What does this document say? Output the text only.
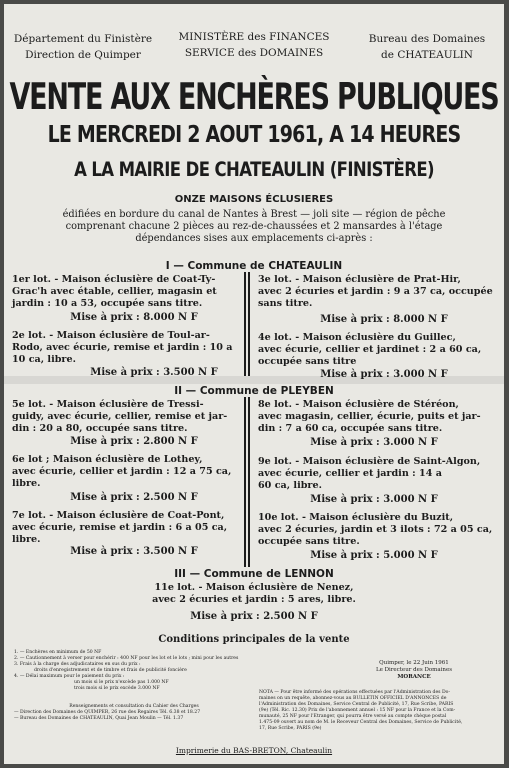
Département du Finistère
Direction de Quimper
MINISTÈRE des FINANCES
SERVICE des DOMAINES
Bureau des Domaines
de CHATEAULIN
VENTE AUX ENCHÈRES PUBLIQUES
LE MERCREDI 2 AOUT 1961, A 14 HEURES
A LA MAIRIE DE CHATEAULIN (FINISTÈRE)
ONZE MAISONS ÉCLUSIERES
édifiées en bordure du canal de Nantes à Brest — joli site — région de pêche
comprenant chacune 2 pièces au rez-de-chaussées et 2 mansardes à l'étage
dépendances sises aux emplacements ci-après :
I — Commune de CHATEAULIN
1er lot. - Maison éclusière de Coat-Ty-
Grac'h avec étable, cellier, magasin et
jardin : 10 a 53, occupée sans titre.
Mise à prix : 8.000 N F
2e lot. - Maison éclusière de Toul-ar-
Rodo, avec écurie, remise et jardin : 10 a
10 ca, libre.
Mise à prix : 3.500 N F
3e lot. - Maison éclusière de Prat-Hir,
avec 2 écuries et jardin : 9 a 37 ca, occupée
sans titre.
Mise à prix : 8.000 N F
4e lot. - Maison éclusière du Guillec,
avec écurie, cellier et jardinet : 2 a 60 ca,
occupée sans titre
Mise à prix : 3.000 N F
II — Commune de PLEYBEN
5e lot. - Maison éclusière de Tressi-
guidy, avec écurie, cellier, remise et jar-
din : 20 a 80, occupée sans titre.
Mise à prix : 2.800 N F
6e lot ; Maison éclusière de Lothey,
avec écurie, cellier et jardin : 12 a 75 ca,
libre.
Mise à prix : 2.500 N F
7e lot. - Maison éclusière de Coat-Pont,
avec écurie, remise et jardin : 6 a 05 ca,
libre.
Mise à prix : 3.500 N F
8e lot. - Maison éclusière de Stéréon,
avec magasin, cellier, écurie, puits et jar-
din : 7 a 60 ca, occupée sans titre.
Mise à prix : 3.000 N F
9e lot. - Maison éclusière de Saint-Algon,
avec écurie, cellier et jardin : 14 a
60 ca, libre.
Mise à prix : 3.000 N F
10e lot. - Maison éclusière du Buzit,
avec 2 écuries, jardin et 3 ilots : 72 a 05 ca,
occupée sans titre.
Mise à prix : 5.000 N F
III — Commune de LENNON
11e lot. - Maison éclusière de Nenez,
avec 2 écuries et jardin : 5 ares, libre.
Mise à prix : 2.500 N F
Conditions principales de la vente
1. — Enchères en minimum de 50 NF
2. — Cautionnement à verser pour enchérir : 400 NF pour les lot et le lots ; mini pour les autres
3. Frais à la charge des adjudicataires en sus du prix :
droits d'enregistrement et de timbre et frais de publicité foncière
4. — Délai maximum pour le paiement du prix :
un mois si le prix n'excède pas 1.000 NF
trois mois si le prix excède 3.000 NF
Renseignements et consultation du Cahier des Charges
— Direction des Domaines de QUIMPER, 26 rue des Regaires Tél. 6.38 et 18.27
— Bureau des Domaines de CHATEAULIN, Quai Jean Moulin — Tél. 1.37
Quimper, le 22 Juin 1961
Le Directeur des Domaines
MORANCE
NOTA — Pour être informé des opérations effectuées par l'Administration des Do-
maines on un requête, abonnez-vous au BULLETIN OFFICIEL D'ANNONCES de
l'Administration des Domaines, Service Central de Publicité, 17, Rue Scribe, PARIS
(9e) (Tél. Ric. 12.30) Prix de l'abonnement annuel : 15 NF pour la France et la Com-
munauté, 25 NF pour l'Etranger, qui pourra être versé au compte chèque postal
1.475-09 ouvert au nom de M. le Receveur Central des Domaines, Service de Publicité,
17, Rue Scribe, PARIS (9e)
Imprimerie du BAS-BRETON, Chateaulin
